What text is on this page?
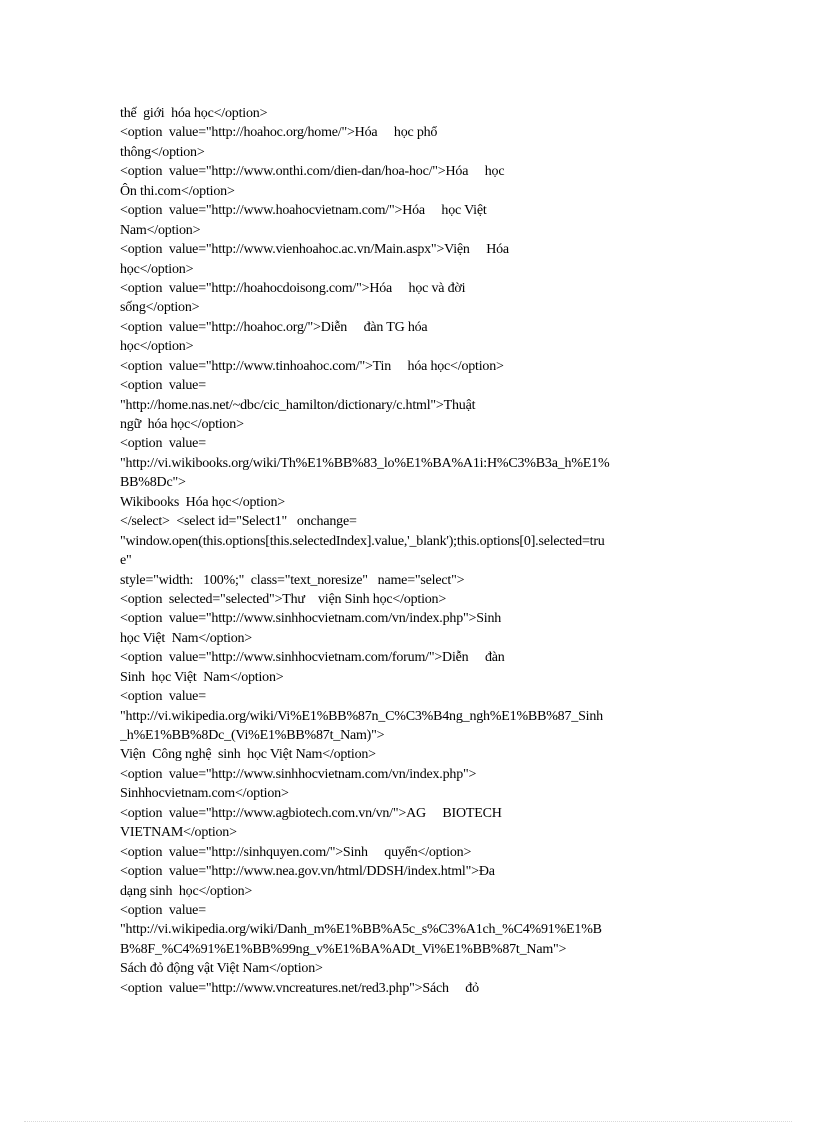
thế  giới  hóa học</option>
<option  value="http://hoahoc.org/home/">Hóa     học phổ
thông</option>
<option  value="http://www.onthi.com/dien-dan/hoa-hoc/">Hóa     học
Ôn thi.com</option>
<option  value="http://www.hoahocvietnam.com/">Hóa     học Việt
Nam</option>
<option  value="http://www.vienhoahoc.ac.vn/Main.aspx">Viện     Hóa
học</option>
<option  value="http://hoahocdoisong.com/">Hóa     học và đời
sống</option>
<option  value="http://hoahoc.org/">Diễn     đàn TG hóa
học</option>
<option  value="http://www.tinhoahoc.com/">Tin     hóa học</option>
<option  value=
"http://home.nas.net/~dbc/cic_hamilton/dictionary/c.html">Thuật
ngữ  hóa học</option>
<option  value=
"http://vi.wikibooks.org/wiki/Th%E1%BB%83_lo%E1%BA%A1i:H%C3%B3a_h%E1%
BB%8Dc">
Wikibooks  Hóa học</option>
</select>  <select id="Select1"   onchange=
"window.open(this.options[this.selectedIndex].value,'_blank');this.options[0].selected=tru
e"
style="width:   100%;"  class="text_noresize"   name="select">
<option  selected="selected">Thư    viện Sinh học</option>
<option  value="http://www.sinhhocvietnam.com/vn/index.php">Sinh
học Việt  Nam</option>
<option  value="http://www.sinhhocvietnam.com/forum/">Diễn     đàn
Sinh  học Việt  Nam</option>
<option  value=
"http://vi.wikipedia.org/wiki/Vi%E1%BB%87n_C%C3%B4ng_ngh%E1%BB%87_Sinh
_h%E1%BB%8Dc_(Vi%E1%BB%87t_Nam)">
Viện  Công nghệ  sinh  học Việt Nam</option>
<option  value="http://www.sinhhocvietnam.com/vn/index.php">
Sinhhocvietnam.com</option>
<option  value="http://www.agbiotech.com.vn/vn/">AG     BIOTECH
VIETNAM</option>
<option  value="http://sinhquyen.com/">Sinh     quyển</option>
<option  value="http://www.nea.gov.vn/html/DDSH/index.html">Đa
dạng sinh  học</option>
<option  value=
"http://vi.wikipedia.org/wiki/Danh_m%E1%BB%A5c_s%C3%A1ch_%C4%91%E1%B
B%8F_%C4%91%E1%BB%99ng_v%E1%BA%ADt_Vi%E1%BB%87t_Nam">
Sách đỏ động vật Việt Nam</option>
<option  value="http://www.vncreatures.net/red3.php">Sách     đỏ
